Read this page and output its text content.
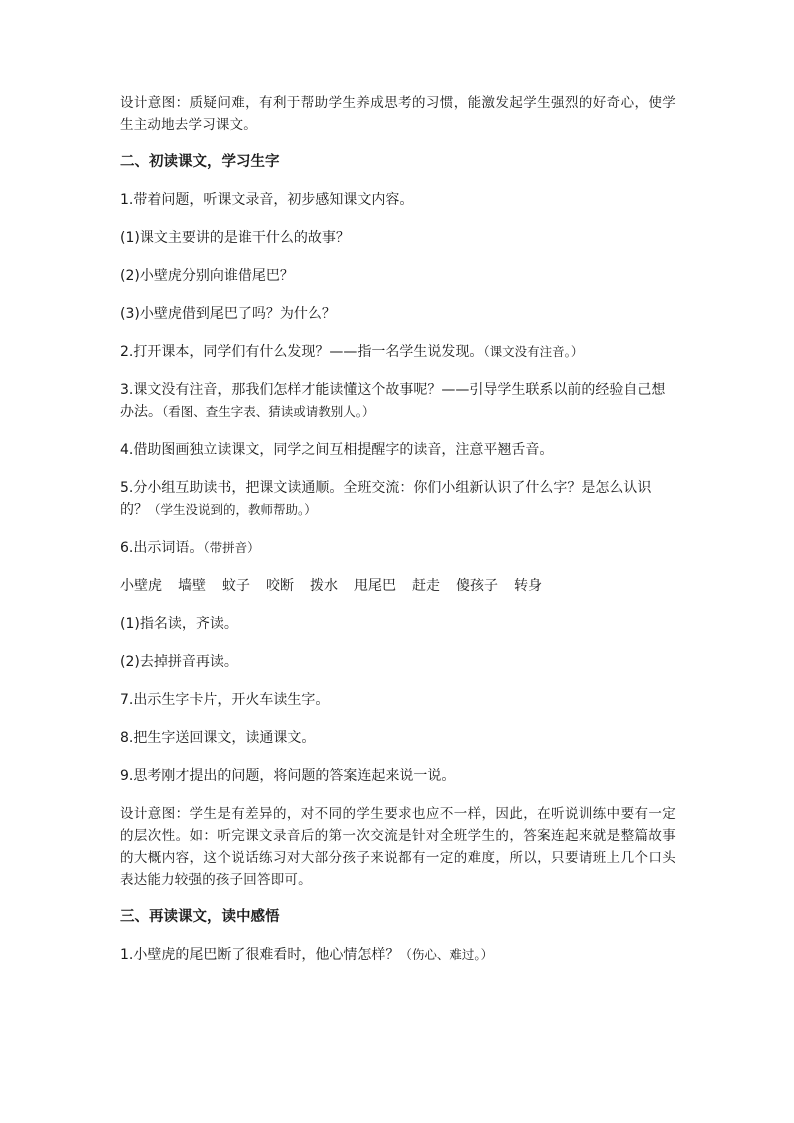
设计意图：质疑问难，有利于帮助学生养成思考的习惯，能激发起学生强烈的好奇心，使学生主动地去学习课文。

二、初读课文，学习生字

1.带着问题，听课文录音，初步感知课文内容。

(1)课文主要讲的是谁干什么的故事？

(2)小壁虎分别向谁借尾巴？

(3)小壁虎借到尾巴了吗？为什么？

2.打开课本，同学们有什么发现？——指一名学生说发现。（课文没有注音。）

3.课文没有注音，那我们怎样才能读懂这个故事呢？——引导学生联系以前的经验自己想办法。（看图、查生字表、猜读或请教别人。）

4.借助图画独立读课文，同学之间互相提醒字的读音，注意平翘舌音。

5.分小组互助读书，把课文读通顺。全班交流：你们小组新认识了什么字？是怎么认识的？（学生没说到的，教师帮助。）

6.出示词语。（带拼音）

小壁虎 墙壁 蚊子 咬断 拨水 甩尾巴 赶走 傻孩子 转身

(1)指名读，齐读。

(2)去掉拼音再读。

7.出示生字卡片，开火车读生字。

8.把生字送回课文，读通课文。

9.思考刚才提出的问题，将问题的答案连起来说一说。

设计意图：学生是有差异的，对不同的学生要求也应不一样，因此，在听说训练中要有一定的层次性。如：听完课文录音后的第一次交流是针对全班学生的，答案连起来就是整篇故事的大概内容，这个说话练习对大部分孩子来说都有一定的难度，所以，只要请班上几个口头表达能力较强的孩子回答即可。

三、再读课文，读中感悟

1.小壁虎的尾巴断了很难看时，他心情怎样？（伤心、难过。）
